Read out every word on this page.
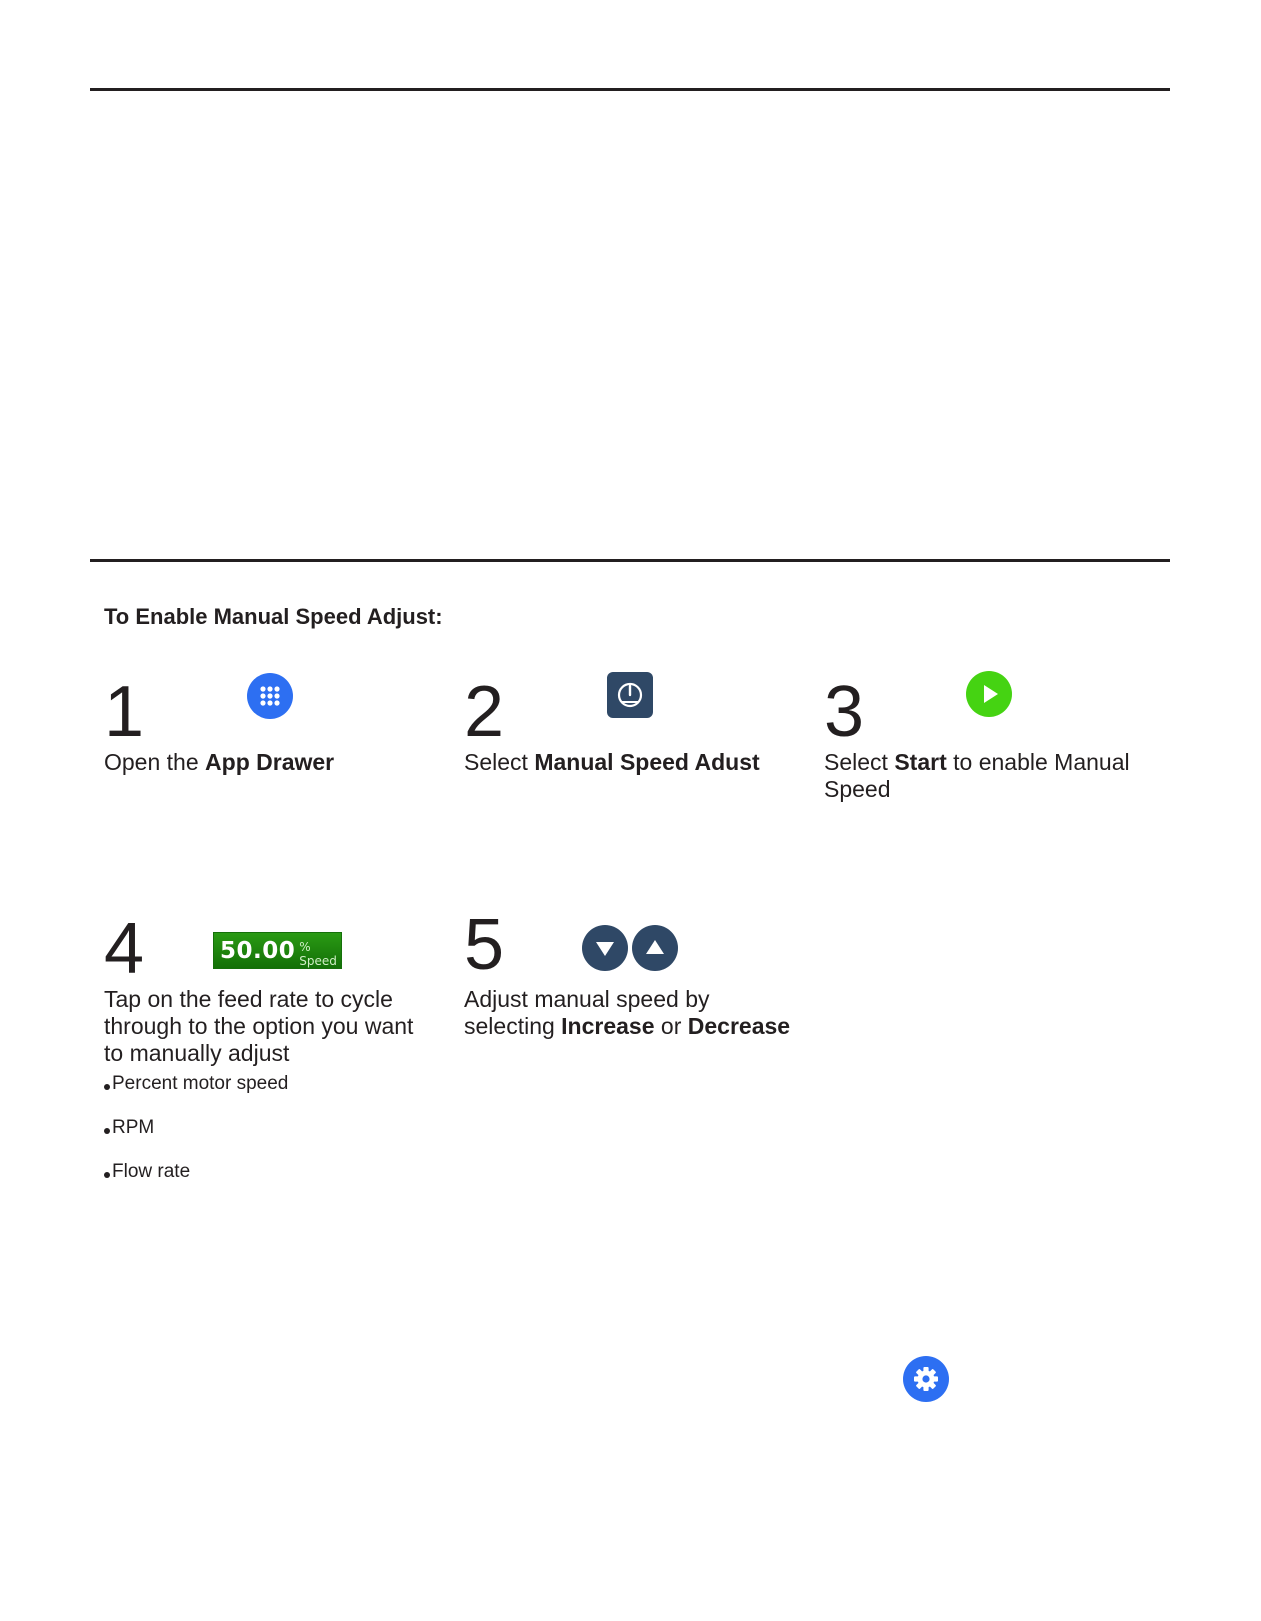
To Enable Manual Speed Adjust:
1
Open the App Drawer
2
Select Manual Speed Adust
3
Select Start to enable Manual
Speed
4
Tap on the feed rate to cycle
through to the option you want
to manually adjust
50.00 % Speed
Percent motor speed
RPM
Flow rate
5
Adjust manual speed by
selecting Increase or Decrease
